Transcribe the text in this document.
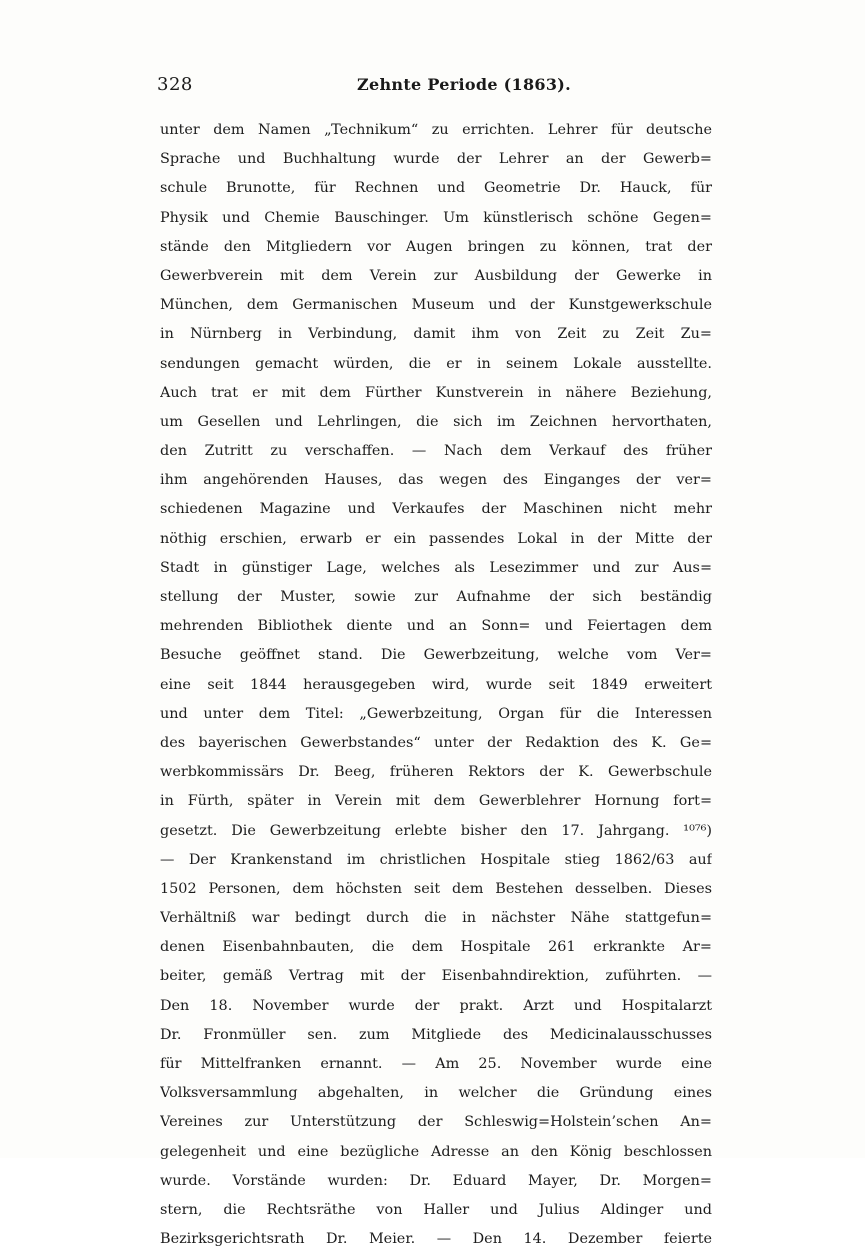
328	Zehnte Periode (1863).
unter dem Namen „Technikum“ zu errichten. Lehrer für deutsche
Sprache und Buchhaltung wurde der Lehrer an der Gewerb=
schule Brunotte, für Rechnen und Geometrie Dr. Hauck, für
Physik und Chemie Bauschinger. Um künstlerisch schöne Gegen=
stände den Mitgliedern vor Augen bringen zu können, trat der
Gewerbverein mit dem Verein zur Ausbildung der Gewerke in
München, dem Germanischen Museum und der Kunstgewerkschule
in Nürnberg in Verbindung, damit ihm von Zeit zu Zeit Zu=
sendungen gemacht würden, die er in seinem Lokale ausstellte.
Auch trat er mit dem Fürther Kunstverein in nähere Beziehung,
um Gesellen und Lehrlingen, die sich im Zeichnen hervorthaten,
den Zutritt zu verschaffen. — Nach dem Verkauf des früher
ihm angehörenden Hauses, das wegen des Einganges der ver=
schiedenen Magazine und Verkaufes der Maschinen nicht mehr
nöthig erschien, erwarb er ein passendes Lokal in der Mitte der
Stadt in günstiger Lage, welches als Lesezimmer und zur Aus=
stellung der Muster, sowie zur Aufnahme der sich beständig
mehrenden Bibliothek diente und an Sonn= und Feiertagen dem
Besuche geöffnet stand. Die Gewerbzeitung, welche vom Ver=
eine seit 1844 herausgegeben wird, wurde seit 1849 erweitert
und unter dem Titel: „Gewerbzeitung, Organ für die Interessen
des bayerischen Gewerbstandes“ unter der Redaktion des K. Ge=
werbkommissärs Dr. Beeg, früheren Rektors der K. Gewerbschule
in Fürth, später in Verein mit dem Gewerblehrer Hornung fort=
gesetzt. Die Gewerbzeitung erlebte bisher den 17. Jahrgang. ¹⁰⁷⁶)
— Der Krankenstand im christlichen Hospitale stieg 1862/63 auf
1502 Personen, dem höchsten seit dem Bestehen desselben. Dieses
Verhältniß war bedingt durch die in nächster Nähe stattgefun=
denen Eisenbahnbauten, die dem Hospitale 261 erkrankte Ar=
beiter, gemäß Vertrag mit der Eisenbahndirektion, zuführten. —
Den 18. November wurde der prakt. Arzt und Hospitalarzt
Dr. Fronmüller sen. zum Mitgliede des Medicinalausschusses
für Mittelfranken ernannt. — Am 25. November wurde eine
Volksversammlung abgehalten, in welcher die Gründung eines
Vereines zur Unterstützung der Schleswig=Holstein’schen An=
gelegenheit und eine bezügliche Adresse an den König beschlossen
wurde. Vorstände wurden: Dr. Eduard Mayer, Dr. Morgen=
stern, die Rechtsräthe von Haller und Julius Aldinger und
Bezirksgerichtsrath Dr. Meier. — Den 14. Dezember feierte
